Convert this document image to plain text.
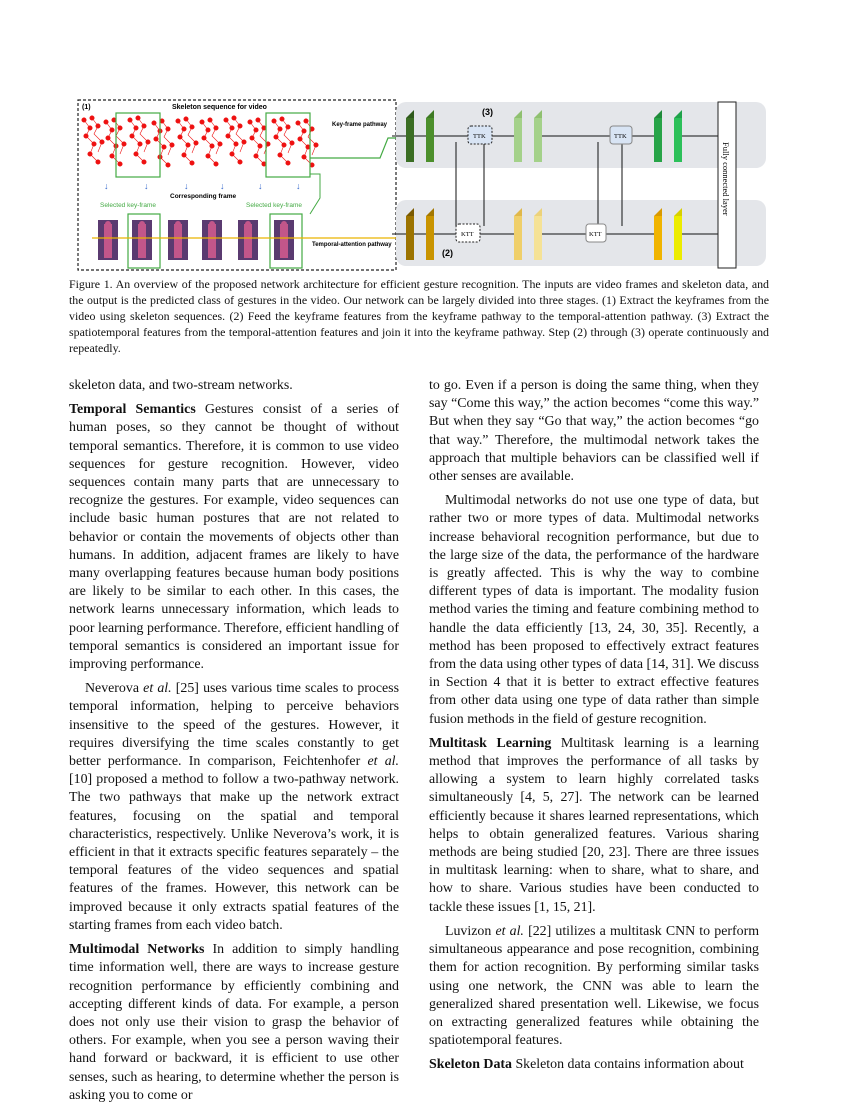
(1)	Skeleton sequence for video
↓	↓	↓	↓	↓	↓
Corresponding frame
Selected key-frame	Selected key-frame
Key-frame pathway
Temporal-attention pathway
TTK	TTK
KTT	KTT
(3)
(2)
Fully connected layer
Figure 1. An overview of the proposed network architecture for efficient gesture recognition. The inputs are video frames and skeleton data, and the output is the predicted class of gestures in the video. Our network can be largely divided into three stages. (1) Extract the keyframes from the video using skeleton sequences. (2) Feed the keyframe features from the keyframe pathway to the temporal-attention pathway. (3) Extract the spatiotemporal features from the temporal-attention features and join it into the keyframe pathway. Step (2) through (3) operate continuously and repeatedly.

skeleton data, and two-stream networks.

Temporal Semantics Gestures consist of a series of human poses, so they cannot be thought of without temporal semantics. Therefore, it is common to use video sequences for gesture recognition. However, video sequences contain many parts that are unnecessary to recognize the gestures. For example, video sequences can include basic human postures that are not related to behavior or contain the movements of objects other than humans. In addition, adjacent frames are likely to have many overlapping features because human body positions are likely to be similar to each other. In this cases, the network learns unnecessary information, which leads to poor learning performance. Therefore, efficient handling of temporal semantics is considered an important issue for improving performance.

Neverova et al. [25] uses various time scales to process temporal information, helping to perceive behaviors insensitive to the speed of the gestures. However, it requires diversifying the time scales constantly to get better performance. In comparison, Feichtenhofer et al. [10] proposed a method to follow a two-pathway network. The two pathways that make up the network extract features, focusing on the spatial and temporal characteristics, respectively. Unlike Neverova’s work, it is efficient in that it extracts specific features separately – the temporal features of the video sequences and spatial features of the frames. However, this network can be improved because it only extracts spatial features of the starting frames from each video batch.

Multimodal Networks In addition to simply handling time information well, there are ways to increase gesture recognition performance by efficiently combining and accepting different kinds of data. For example, a person does not only use their vision to grasp the behavior of others. For example, when you see a person waving their hand forward or backward, it is efficient to use other senses, such as hearing, to determine whether the person is asking you to come or

to go. Even if a person is doing the same thing, when they say “Come this way,” the action becomes “come this way.” But when they say “Go that way,” the action becomes “go that way.” Therefore, the multimodal network takes the approach that multiple behaviors can be classified well if other senses are available.

Multimodal networks do not use one type of data, but rather two or more types of data. Multimodal networks increase behavioral recognition performance, but due to the large size of the data, the performance of the hardware is greatly affected. This is why the way to combine different types of data is important. The modality fusion method varies the timing and feature combining method to handle the data efficiently [13, 24, 30, 35]. Recently, a method has been proposed to effectively extract features from the data using other types of data [14, 31]. We discuss in Section 4 that it is better to extract effective features from other data using one type of data rather than simple fusion methods in the field of gesture recognition.

Multitask Learning Multitask learning is a learning method that improves the performance of all tasks by allowing a system to learn highly correlated tasks simultaneously [4, 5, 27]. The network can be learned efficiently because it shares learned representations, which helps to obtain generalized features. Various sharing methods are being studied [20, 23]. There are three issues in multitask learning: when to share, what to share, and how to share. Various studies have been conducted to tackle these issues [1, 15, 21].

Luvizon et al. [22] utilizes a multitask CNN to perform simultaneous appearance and pose recognition, combining them for action recognition. By performing similar tasks using one network, the CNN was able to learn the generalized shared presentation well. Likewise, we focus on extracting generalized features while obtaining the spatiotemporal features.

Skeleton Data Skeleton data contains information about
